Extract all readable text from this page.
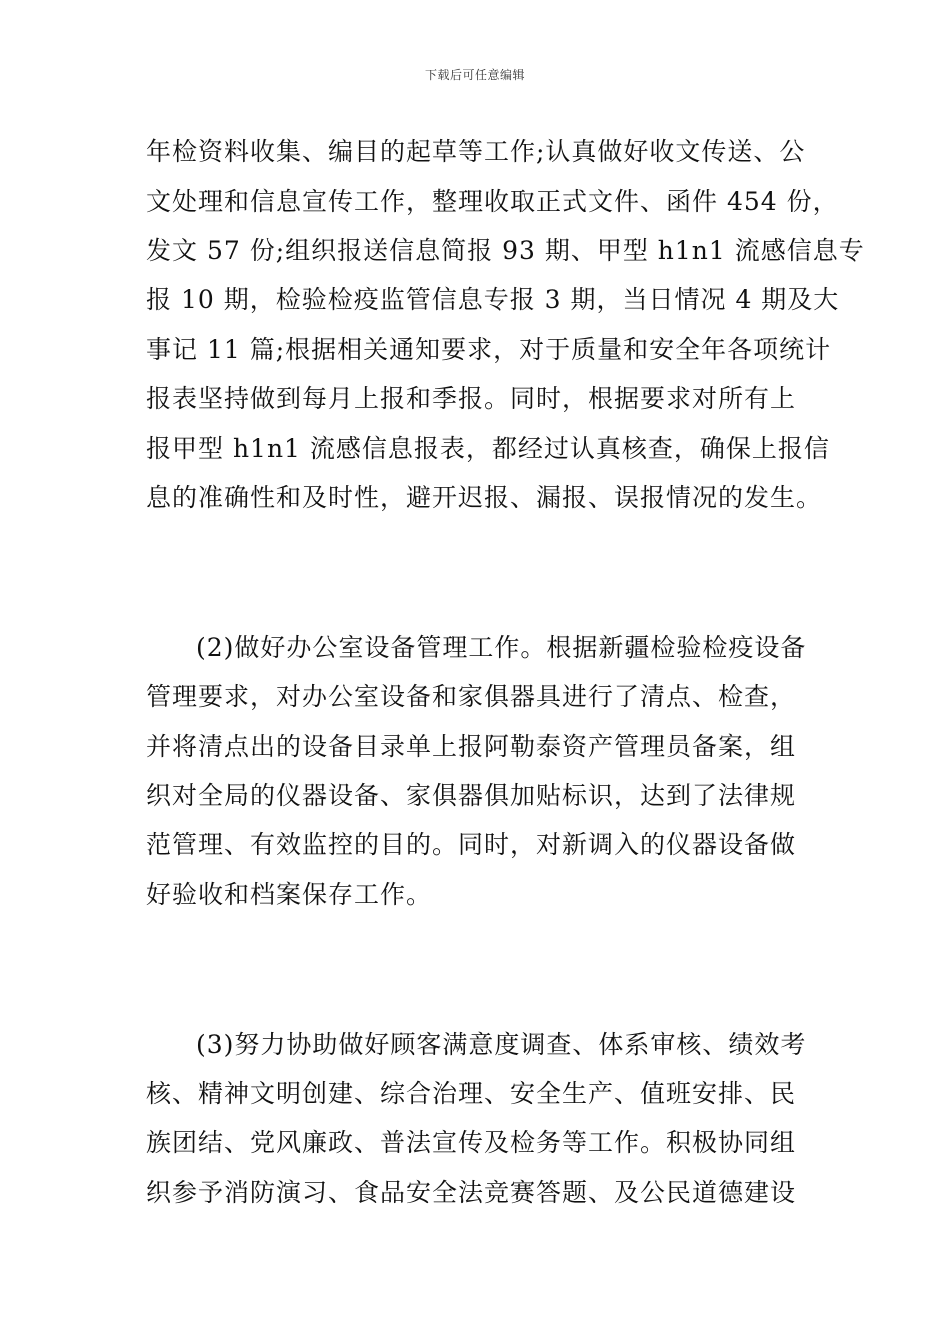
下载后可任意编辑
年检资料收集、编目的起草等工作;认真做好收文传送、公
文处理和信息宣传工作，整理收取正式文件、函件 454 份，
发文 57 份;组织报送信息简报 93 期、甲型 h1n1 流感信息专
报 10 期，检验检疫监管信息专报 3 期，当日情况 4 期及大
事记 11 篇;根据相关通知要求，对于质量和安全年各项统计
报表坚持做到每月上报和季报。同时，根据要求对所有上
报甲型 h1n1 流感信息报表，都经过认真核查，确保上报信
息的准确性和及时性，避开迟报、漏报、误报情况的发生。
(2)做好办公室设备管理工作。根据新疆检验检疫设备
管理要求，对办公室设备和家俱器具进行了清点、检查，
并将清点出的设备目录单上报阿勒泰资产管理员备案，组
织对全局的仪器设备、家俱器俱加贴标识，达到了法律规
范管理、有效监控的目的。同时，对新调入的仪器设备做
好验收和档案保存工作。
(3)努力协助做好顾客满意度调查、体系审核、绩效考
核、精神文明创建、综合治理、安全生产、值班安排、民
族团结、党风廉政、普法宣传及检务等工作。积极协同组
织参予消防演习、食品安全法竞赛答题、及公民道德建设
